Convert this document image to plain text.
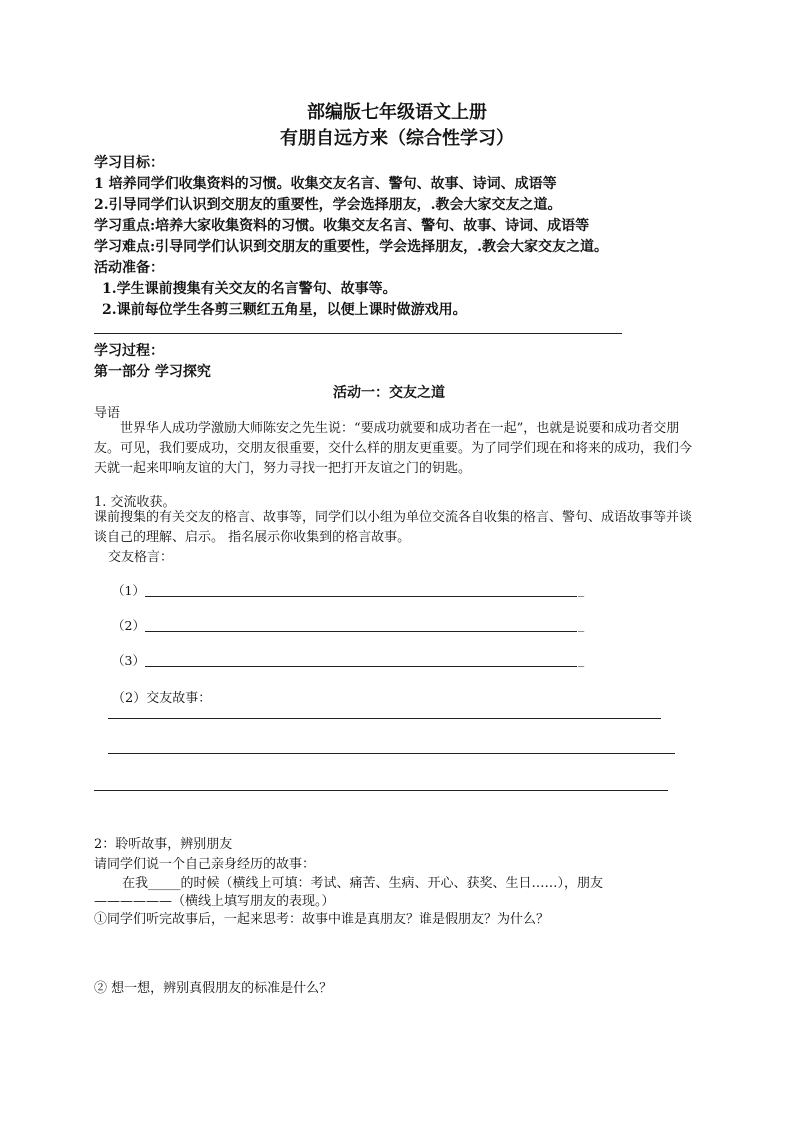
部编版七年级语文上册
有朋自远方来（综合性学习）
学习目标：
1 培养同学们收集资料的习惯。收集交友名言、警句、故事、诗词、成语等
2.引导同学们认识到交朋友的重要性，学会选择朋友，.教会大家交友之道。
学习重点:培养大家收集资料的习惯。收集交友名言、警句、故事、诗词、成语等
学习难点:引导同学们认识到交朋友的重要性，学会选择朋友，.教会大家交友之道。
活动准备：
1.学生课前搜集有关交友的名言警句、故事等。
2.课前每位学生各剪三颗红五角星，以便上课时做游戏用。
学习过程：
第一部分 学习探究
活动一：交友之道
导语
世界华人成功学激励大师陈安之先生说：“要成功就要和成功者在一起”，也就是说要和成功者交朋友。可见，我们要成功，交朋友很重要，交什么样的朋友更重要。为了同学们现在和将来的成功，我们今天就一起来叩响友谊的大门，努力寻找一把打开友谊之门的钥匙。
1. 交流收获。
课前搜集的有关交友的格言、故事等，同学们以小组为单位交流各自收集的格言、警句、成语故事等并谈谈自己的理解、启示。 指名展示你收集到的格言故事。
交友格言：
（1）	_
（2）	_
（3）	_
（2）交友故事：
2：聆听故事，辨别朋友
请同学们说一个自己亲身经历的故事：
在我_____的时候（横线上可填：考试、痛苦、生病、开心、获奖、生日……），朋友
——————（横线上填写朋友的表现。）
①同学们听完故事后，一起来思考：故事中谁是真朋友？谁是假朋友？为什么？
② 想一想，辨别真假朋友的标准是什么？
